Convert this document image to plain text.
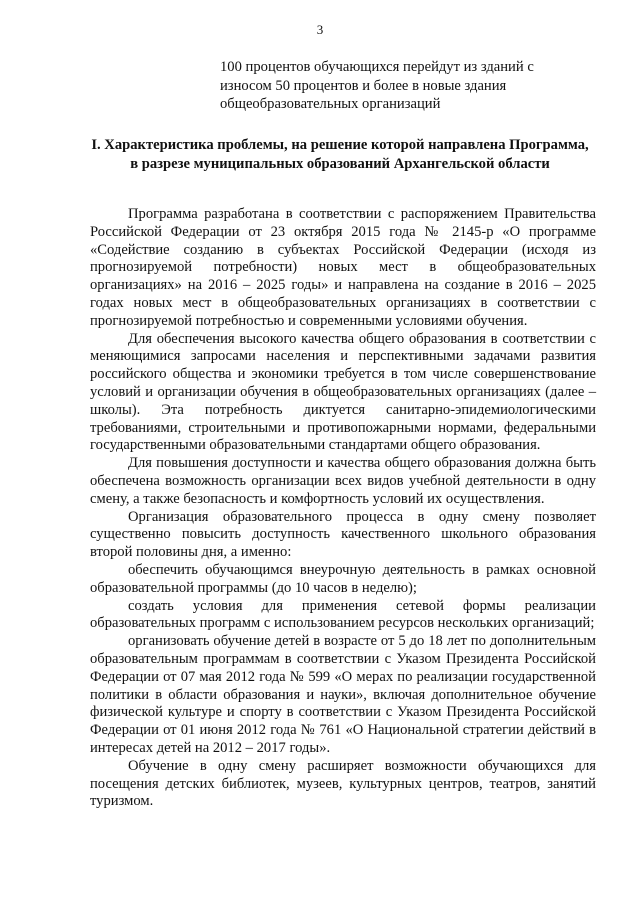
3

100 процентов обучающихся перейдут из зданий с износом 50 процентов и более в новые здания общеобразовательных организаций

I. Характеристика проблемы, на решение которой направлена Программа, в разрезе муниципальных образований Архангельской области

Программа разработана в соответствии с распоряжением Правительства Российской Федерации от 23 октября 2015 года № 2145-р «О программе «Содействие созданию в субъектах Российской Федерации (исходя из прогнозируемой потребности) новых мест в общеобразовательных организациях» на 2016 – 2025 годы» и направлена на создание в 2016 – 2025 годах новых мест в общеобразовательных организациях в соответствии с прогнозируемой потребностью и современными условиями обучения.

Для обеспечения высокого качества общего образования в соответствии с меняющимися запросами населения и перспективными задачами развития российского общества и экономики требуется в том числе совершенствование условий и организации обучения в общеобразовательных организациях (далее – школы). Эта потребность диктуется санитарно-эпидемиологическими требованиями, строительными и противопожарными нормами, федеральными государственными образовательными стандартами общего образования.

Для повышения доступности и качества общего образования должна быть обеспечена возможность организации всех видов учебной деятельности в одну смену, а также безопасность и комфортность условий их осуществления.

Организация образовательного процесса в одну смену позволяет существенно повысить доступность качественного школьного образования второй половины дня, а именно:

обеспечить обучающимся внеурочную деятельность в рамках основной образовательной программы (до 10 часов в неделю);

создать условия для применения сетевой формы реализации образовательных программ с использованием ресурсов нескольких организаций;

организовать обучение детей в возрасте от 5 до 18 лет по дополнительным образовательным программам в соответствии с Указом Президента Российской Федерации от 07 мая 2012 года № 599 «О мерах по реализации государственной политики в области образования и науки», включая дополнительное обучение физической культуре и спорту в соответствии с Указом Президента Российской Федерации от 01 июня 2012 года № 761 «О Национальной стратегии действий в интересах детей на 2012 – 2017 годы».

Обучение в одну смену расширяет возможности обучающихся для посещения детских библиотек, музеев, культурных центров, театров, занятий туризмом.
